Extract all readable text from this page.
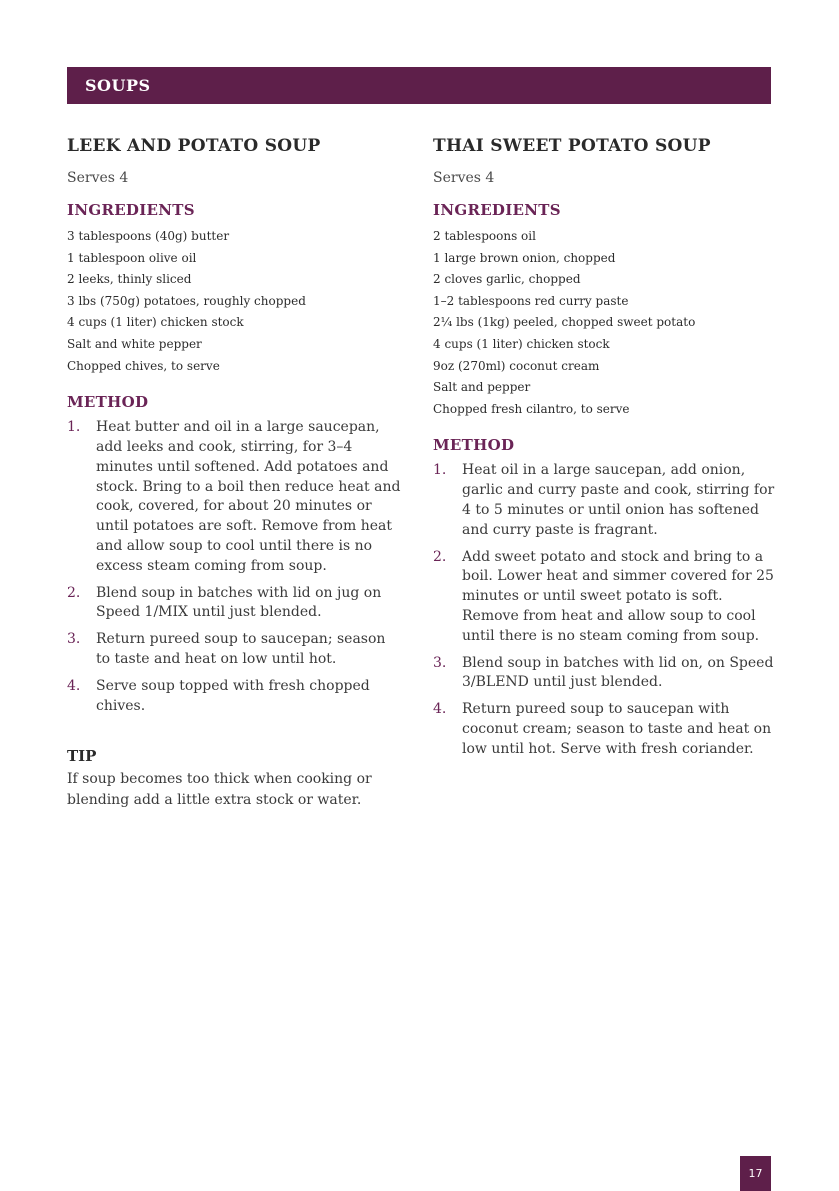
SOUPS
LEEK AND POTATO SOUP

Serves 4

INGREDIENTS
3 tablespoons (40g) butter
1 tablespoon olive oil
2 leeks, thinly sliced
3 lbs (750g) potatoes, roughly chopped
4 cups (1 liter) chicken stock
Salt and white pepper
Chopped chives, to serve
METHOD
1. Heat butter and oil in a large saucepan, add leeks and cook, stirring, for 3–4 minutes until softened. Add potatoes and stock. Bring to a boil then reduce heat and cook, covered, for about 20 minutes or until potatoes are soft. Remove from heat and allow soup to cool until there is no excess steam coming from soup.
2. Blend soup in batches with lid on jug on Speed 1/MIX until just blended.
3. Return pureed soup to saucepan; season to taste and heat on low until hot.
4. Serve soup topped with fresh chopped chives.
TIP

If soup becomes too thick when cooking or blending add a little extra stock or water.

THAI SWEET POTATO SOUP

Serves 4

INGREDIENTS
2 tablespoons oil
1 large brown onion, chopped
2 cloves garlic, chopped
1–2 tablespoons red curry paste
2¼ lbs (1kg) peeled, chopped sweet potato
4 cups (1 liter) chicken stock
9oz (270ml) coconut cream
Salt and pepper
Chopped fresh cilantro, to serve
METHOD
1. Heat oil in a large saucepan, add onion, garlic and curry paste and cook, stirring for 4 to 5 minutes or until onion has softened and curry paste is fragrant.
2. Add sweet potato and stock and bring to a boil. Lower heat and simmer covered for 25 minutes or until sweet potato is soft. Remove from heat and allow soup to cool until there is no steam coming from soup.
3. Blend soup in batches with lid on, on Speed 3/BLEND until just blended.
4. Return pureed soup to saucepan with coconut cream; season to taste and heat on low until hot. Serve with fresh coriander.
17
